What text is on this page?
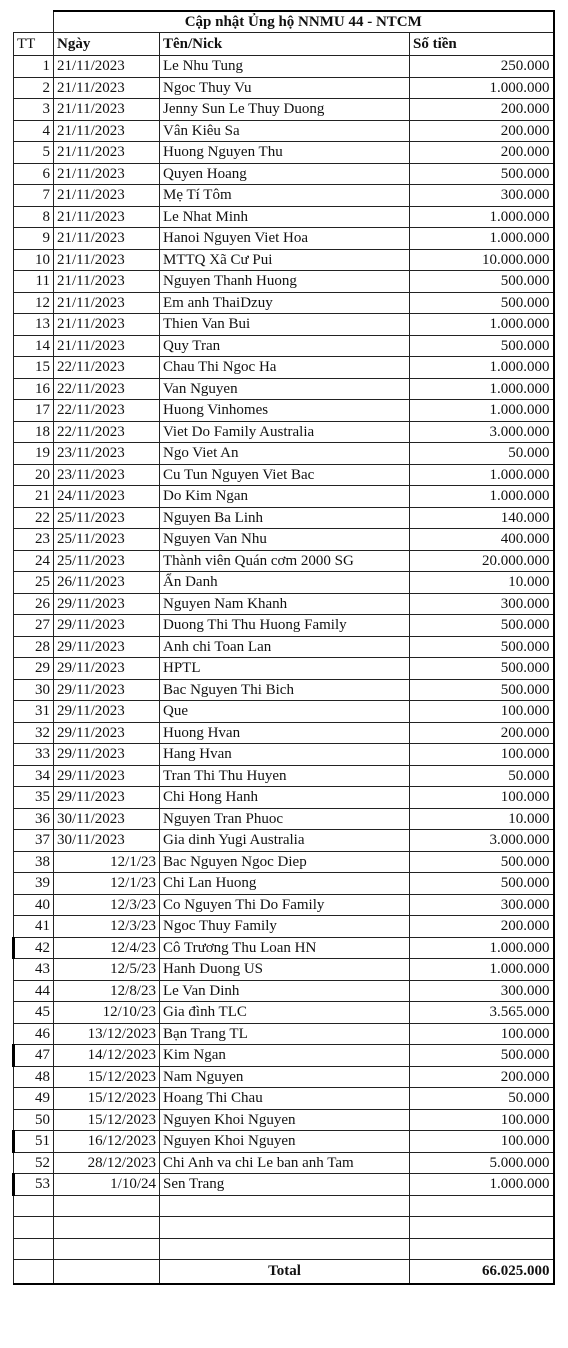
	Cập nhật Ủng hộ NNMU 44 - NTCM		
TT	Ngày	Tên/Nick	Số tiền
1	21/11/2023	Le Nhu Tung	250.000
2	21/11/2023	Ngoc Thuy Vu	1.000.000
3	21/11/2023	Jenny Sun Le Thuy Duong	200.000
4	21/11/2023	Vân Kiêu Sa	200.000
5	21/11/2023	Huong Nguyen Thu	200.000
6	21/11/2023	Quyen Hoang	500.000
7	21/11/2023	Mẹ Tí Tôm	300.000
8	21/11/2023	Le Nhat Minh	1.000.000
9	21/11/2023	Hanoi Nguyen Viet Hoa	1.000.000
10	21/11/2023	MTTQ Xã Cư Pui	10.000.000
11	21/11/2023	Nguyen Thanh Huong	500.000
12	21/11/2023	Em anh ThaiDzuy	500.000
13	21/11/2023	Thien Van Bui	1.000.000
14	21/11/2023	Quy Tran	500.000
15	22/11/2023	Chau Thi Ngoc Ha	1.000.000
16	22/11/2023	Van Nguyen	1.000.000
17	22/11/2023	Huong Vinhomes	1.000.000
18	22/11/2023	Viet Do Family Australia	3.000.000
19	23/11/2023	Ngo Viet An	50.000
20	23/11/2023	Cu Tun Nguyen Viet Bac	1.000.000
21	24/11/2023	Do Kim Ngan	1.000.000
22	25/11/2023	Nguyen Ba Linh	140.000
23	25/11/2023	Nguyen Van Nhu	400.000
24	25/11/2023	Thành viên Quán cơm 2000 SG	20.000.000
25	26/11/2023	Ẩn Danh	10.000
26	29/11/2023	Nguyen Nam Khanh	300.000
27	29/11/2023	Duong Thi Thu Huong Family	500.000
28	29/11/2023	Anh chi Toan Lan	500.000
29	29/11/2023	HPTL	500.000
30	29/11/2023	Bac Nguyen Thi Bich	500.000
31	29/11/2023	Que	100.000
32	29/11/2023	Huong Hvan	200.000
33	29/11/2023	Hang Hvan	100.000
34	29/11/2023	Tran Thi Thu Huyen	50.000
35	29/11/2023	Chi Hong Hanh	100.000
36	30/11/2023	Nguyen Tran Phuoc	10.000
37	30/11/2023	Gia dinh Yugi Australia	3.000.000
38	12/1/23	Bac Nguyen Ngoc Diep	500.000
39	12/1/23	Chi Lan Huong	500.000
40	12/3/23	Co Nguyen Thi Do Family	300.000
41	12/3/23	Ngoc Thuy Family	200.000
42	12/4/23	Cô Trương Thu Loan HN	1.000.000
43	12/5/23	Hanh Duong US	1.000.000
44	12/8/23	Le Van Dinh	300.000
45	12/10/23	Gia đình TLC	3.565.000
46	13/12/2023	Bạn Trang TL	100.000
47	14/12/2023	Kim Ngan	500.000
48	15/12/2023	Nam Nguyen	200.000
49	15/12/2023	Hoang Thi Chau	50.000
50	15/12/2023	Nguyen Khoi Nguyen	100.000
51	16/12/2023	Nguyen Khoi Nguyen	100.000
52	28/12/2023	Chi Anh va chi Le ban anh Tam	5.000.000
53	1/10/24	Sen Trang	1.000.000

		Total	66.025.000
